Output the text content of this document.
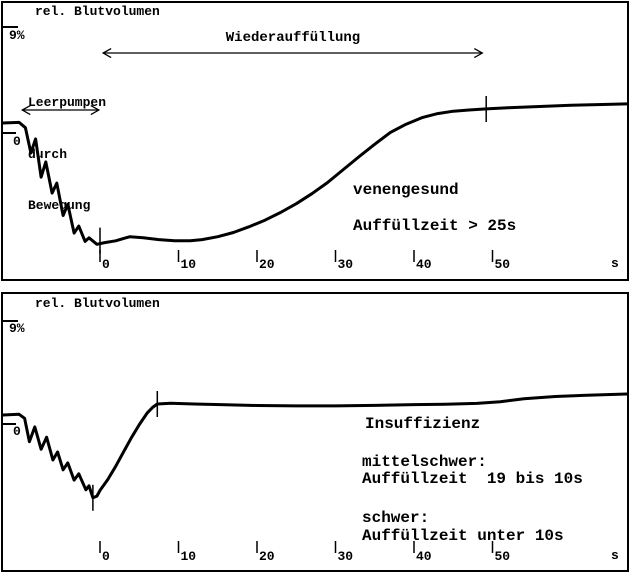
rel. Blutvolumen
9%
0
Wiederauffüllung

Leerpumpen

durch

Bewegung

venengesund
Auffüllzeit > 25s
s
0	10	20	30	40	50
rel. Blutvolumen
9%
0	Insuffizienz
mittelschwer:
Auffüllzeit  19 bis 10s
schwer:
Auffüllzeit unter 10s
s
0	10	20	30	40	50
